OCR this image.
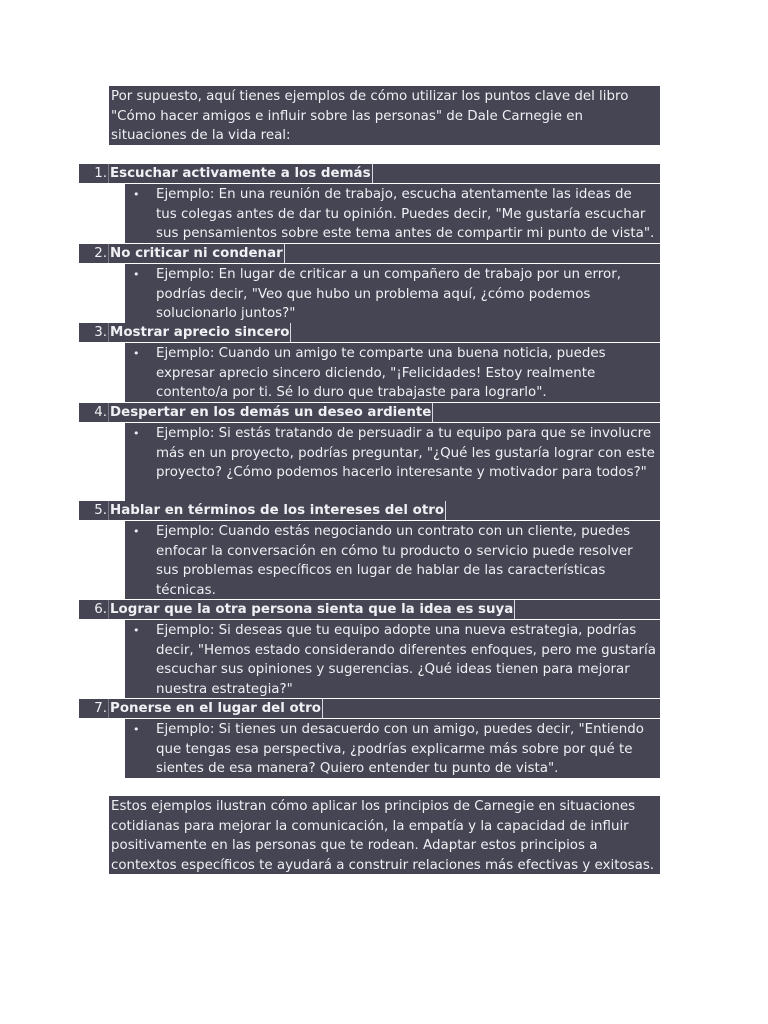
Por supuesto, aquí tienes ejemplos de cómo utilizar los puntos clave del libro "Cómo hacer amigos e influir sobre las personas" de Dale Carnegie en situaciones de la vida real:
1. Escuchar activamente a los demás
• Ejemplo: En una reunión de trabajo, escucha atentamente las ideas de tus colegas antes de dar tu opinión. Puedes decir, "Me gustaría escuchar sus pensamientos sobre este tema antes de compartir mi punto de vista".
2. No criticar ni condenar
• Ejemplo: En lugar de criticar a un compañero de trabajo por un error, podrías decir, "Veo que hubo un problema aquí, ¿cómo podemos solucionarlo juntos?"
3. Mostrar aprecio sincero
• Ejemplo: Cuando un amigo te comparte una buena noticia, puedes expresar aprecio sincero diciendo, "¡Felicidades! Estoy realmente contento/a por ti. Sé lo duro que trabajaste para lograrlo".
4. Despertar en los demás un deseo ardiente
• Ejemplo: Si estás tratando de persuadir a tu equipo para que se involucre más en un proyecto, podrías preguntar, "¿Qué les gustaría lograr con este proyecto? ¿Cómo podemos hacerlo interesante y motivador para todos?"
5. Hablar en términos de los intereses del otro
• Ejemplo: Cuando estás negociando un contrato con un cliente, puedes enfocar la conversación en cómo tu producto o servicio puede resolver sus problemas específicos en lugar de hablar de las características técnicas.
6. Lograr que la otra persona sienta que la idea es suya
• Ejemplo: Si deseas que tu equipo adopte una nueva estrategia, podrías decir, "Hemos estado considerando diferentes enfoques, pero me gustaría escuchar sus opiniones y sugerencias. ¿Qué ideas tienen para mejorar nuestra estrategia?"
7. Ponerse en el lugar del otro
• Ejemplo: Si tienes un desacuerdo con un amigo, puedes decir, "Entiendo que tengas esa perspectiva, ¿podrías explicarme más sobre por qué te sientes de esa manera? Quiero entender tu punto de vista".
Estos ejemplos ilustran cómo aplicar los principios de Carnegie en situaciones cotidianas para mejorar la comunicación, la empatía y la capacidad de influir positivamente en las personas que te rodean. Adaptar estos principios a contextos específicos te ayudará a construir relaciones más efectivas y exitosas.
